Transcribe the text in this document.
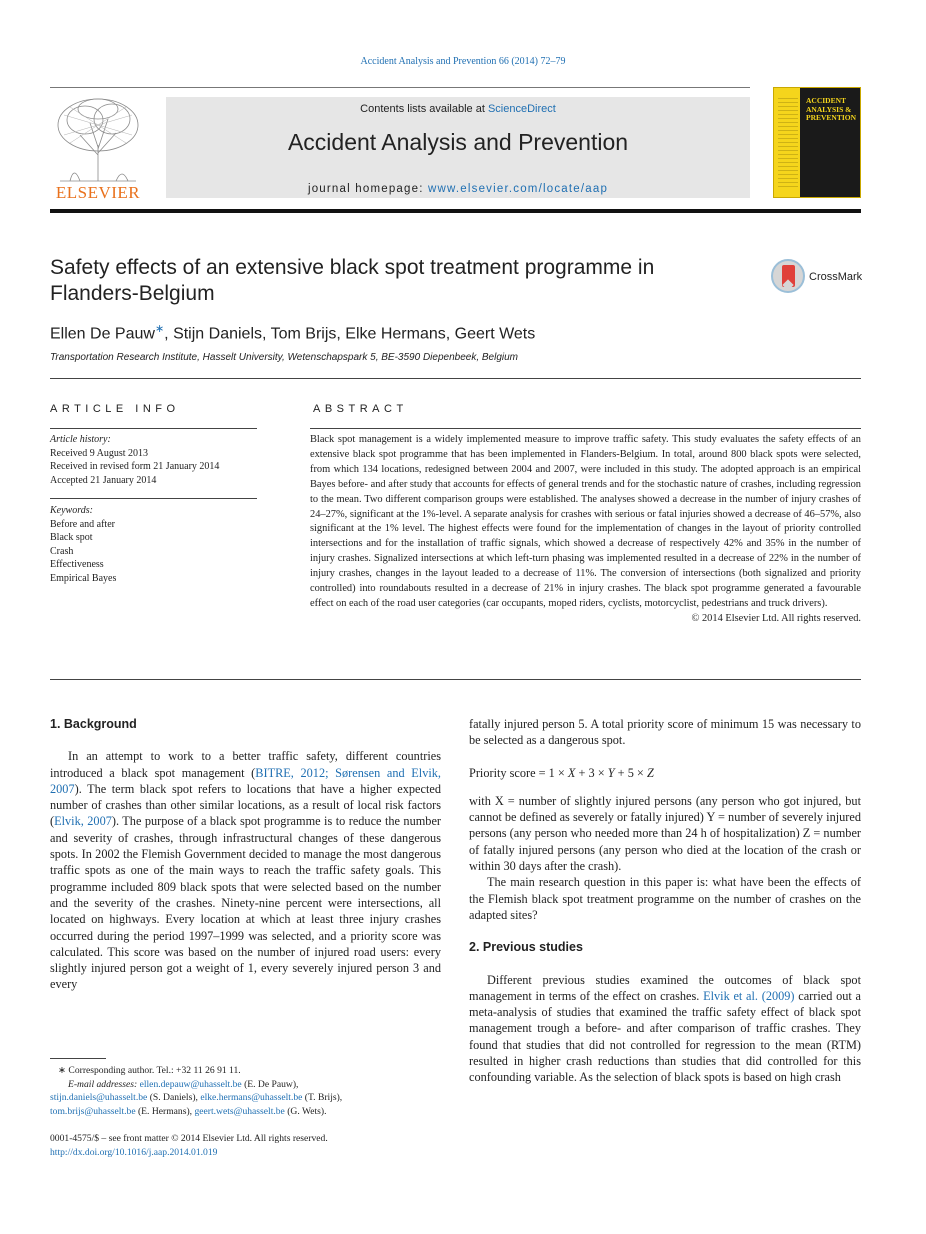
Accident Analysis and Prevention 66 (2014) 72–79
ELSEVIER
Contents lists available at ScienceDirect
Accident Analysis and Prevention
journal homepage: www.elsevier.com/locate/aap
ACCIDENT ANALYSIS & PREVENTION
Safety effects of an extensive black spot treatment programme in Flanders-Belgium
CrossMark
Ellen De Pauw∗, Stijn Daniels, Tom Brijs, Elke Hermans, Geert Wets
Transportation Research Institute, Hasselt University, Wetenschapspark 5, BE-3590 Diepenbeek, Belgium
ARTICLE INFO	ABSTRACT
Article history:
Received 9 August 2013
Received in revised form 21 January 2014
Accepted 21 January 2014
Keywords:
Before and after
Black spot
Crash
Effectiveness
Empirical Bayes
Black spot management is a widely implemented measure to improve traffic safety. This study evaluates the safety effects of an extensive black spot programme that has been implemented in Flanders-Belgium. In total, around 800 black spots were selected, from which 134 locations, redesigned between 2004 and 2007, were included in this study. The adopted approach is an empirical Bayes before- and after study that accounts for effects of general trends and for the stochastic nature of crashes, including regression to the mean. Two different comparison groups were established. The analyses showed a decrease in the number of injury crashes of 24–27%, significant at the 1%-level. A separate analysis for crashes with serious or fatal injuries showed a decrease of 46–57%, also significant at the 1% level. The highest effects were found for the implementation of changes in the layout of priority controlled intersections and for the installation of traffic signals, which showed a decrease of respectively 42% and 35% in the number of injury crashes. Signalized intersections at which left-turn phasing was implemented resulted in a decrease of 22% in the number of injury crashes, changes in the layout leaded to a decrease of 11%. The conversion of intersections (both signalized and priority controlled) into roundabouts resulted in a decrease of 21% in injury crashes. The black spot programme generated a favourable effect on each of the road user categories (car occupants, moped riders, cyclists, motorcyclist, pedestrians and truck drivers).
© 2014 Elsevier Ltd. All rights reserved.
1. Background

In an attempt to work to a better traffic safety, different countries introduced a black spot management (BITRE, 2012; Sørensen and Elvik, 2007). The term black spot refers to locations that have a higher expected number of crashes than other similar locations, as a result of local risk factors (Elvik, 2007). The purpose of a black spot programme is to reduce the number and severity of crashes, through infrastructural changes of these dangerous spots. In 2002 the Flemish Government decided to manage the most dangerous traffic spots as one of the main ways to reach the traffic safety goals. This programme included 809 black spots that were selected based on the number and the severity of the crashes. Ninety-nine percent were intersections, all located on highways. Every location at which at least three injury crashes occurred during the period 1997–1999 was selected, and a priority score was calculated. This score was based on the number of injured road users: every slightly injured person got a weight of 1, every severely injured person 3 and every

fatally injured person 5. A total priority score of minimum 15 was necessary to be selected as a dangerous spot.

Priority score = 1 × X + 3 × Y + 5 × Z

with X = number of slightly injured persons (any person who got injured, but cannot be defined as severely or fatally injured) Y = number of severely injured persons (any person who needed more than 24 h of hospitalization) Z = number of fatally injured persons (any person who died at the location of the crash or within 30 days after the crash).

The main research question in this paper is: what have been the effects of the Flemish black spot treatment programme on the number of crashes on the adapted sites?

2. Previous studies

Different previous studies examined the outcomes of black spot management in terms of the effect on crashes. Elvik et al. (2009) carried out a meta-analysis of studies that examined the traffic safety effect of black spot management trough a before- and after comparison of traffic crashes. They found that studies that did not controlled for regression to the mean (RTM) resulted in higher crash reductions than studies that did controlled for this confounding variable. As the selection of black spots is based on high crash

∗ Corresponding author. Tel.: +32 11 26 91 11.
E-mail addresses: ellen.depauw@uhasselt.be (E. De Pauw),
stijn.daniels@uhasselt.be (S. Daniels), elke.hermans@uhasselt.be (T. Brijs),
tom.brijs@uhasselt.be (E. Hermans), geert.wets@uhasselt.be (G. Wets).
0001-4575/$ – see front matter © 2014 Elsevier Ltd. All rights reserved.
http://dx.doi.org/10.1016/j.aap.2014.01.019
